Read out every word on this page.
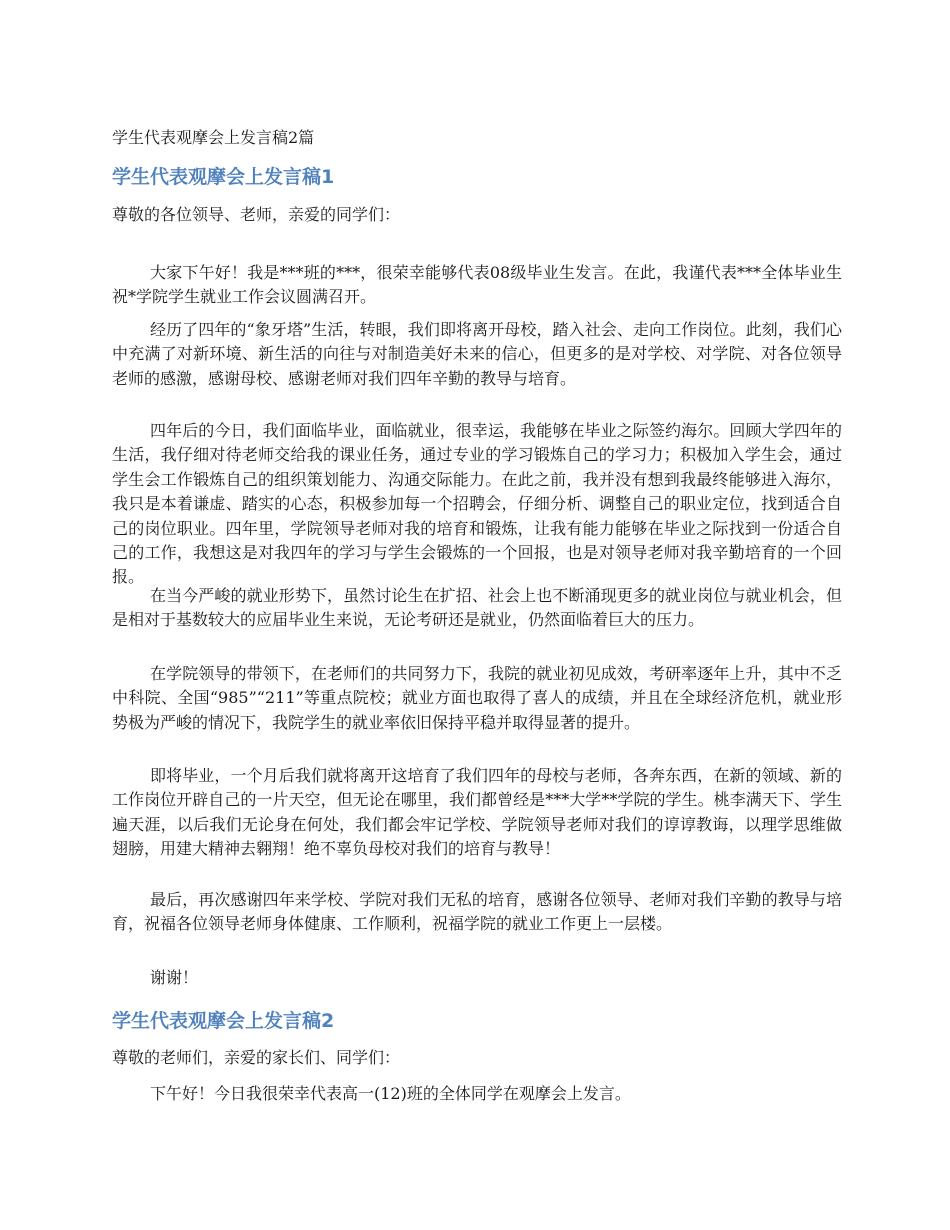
学生代表观摩会上发言稿2篇
学生代表观摩会上发言稿1
尊敬的各位领导、老师，亲爱的同学们：

大家下午好！我是***班的***，很荣幸能够代表08级毕业生发言。在此，我谨代表***全体毕业生祝*学院学生就业工作会议圆满召开。

经历了四年的“象牙塔”生活，转眼，我们即将离开母校，踏入社会、走向工作岗位。此刻，我们心中充满了对新环境、新生活的向往与对制造美好未来的信心，但更多的是对学校、对学院、对各位领导老师的感激，感谢母校、感谢老师对我们四年辛勤的教导与培育。

四年后的今日，我们面临毕业，面临就业，很幸运，我能够在毕业之际签约海尔。回顾大学四年的生活，我仔细对待老师交给我的课业任务，通过专业的学习锻炼自己的学习力；积极加入学生会，通过学生会工作锻炼自己的组织策划能力、沟通交际能力。在此之前，我并没有想到我最终能够进入海尔，我只是本着谦虚、踏实的心态，积极参加每一个招聘会，仔细分析、调整自己的职业定位，找到适合自己的岗位职业。四年里，学院领导老师对我的培育和锻炼，让我有能力能够在毕业之际找到一份适合自己的工作，我想这是对我四年的学习与学生会锻炼的一个回报，也是对领导老师对我辛勤培育的一个回报。

在当今严峻的就业形势下，虽然讨论生在扩招、社会上也不断涌现更多的就业岗位与就业机会，但是相对于基数较大的应届毕业生来说，无论考研还是就业，仍然面临着巨大的压力。

在学院领导的带领下，在老师们的共同努力下，我院的就业初见成效，考研率逐年上升，其中不乏中科院、全国“985”“211”等重点院校；就业方面也取得了喜人的成绩，并且在全球经济危机，就业形势极为严峻的情况下，我院学生的就业率依旧保持平稳并取得显著的提升。

即将毕业，一个月后我们就将离开这培育了我们四年的母校与老师，各奔东西，在新的领域、新的工作岗位开辟自己的一片天空，但无论在哪里，我们都曾经是***大学**学院的学生。桃李满天下、学生遍天涯，以后我们无论身在何处，我们都会牢记学校、学院领导老师对我们的谆谆教诲，以理学思维做翅膀，用建大精神去翱翔！绝不辜负母校对我们的培育与教导！

最后，再次感谢四年来学校、学院对我们无私的培育，感谢各位领导、老师对我们辛勤的教导与培育，祝福各位领导老师身体健康、工作顺利，祝福学院的就业工作更上一层楼。

谢谢！

学生代表观摩会上发言稿2
尊敬的老师们，亲爱的家长们、同学们：

下午好！今日我很荣幸代表高一(12)班的全体同学在观摩会上发言。
